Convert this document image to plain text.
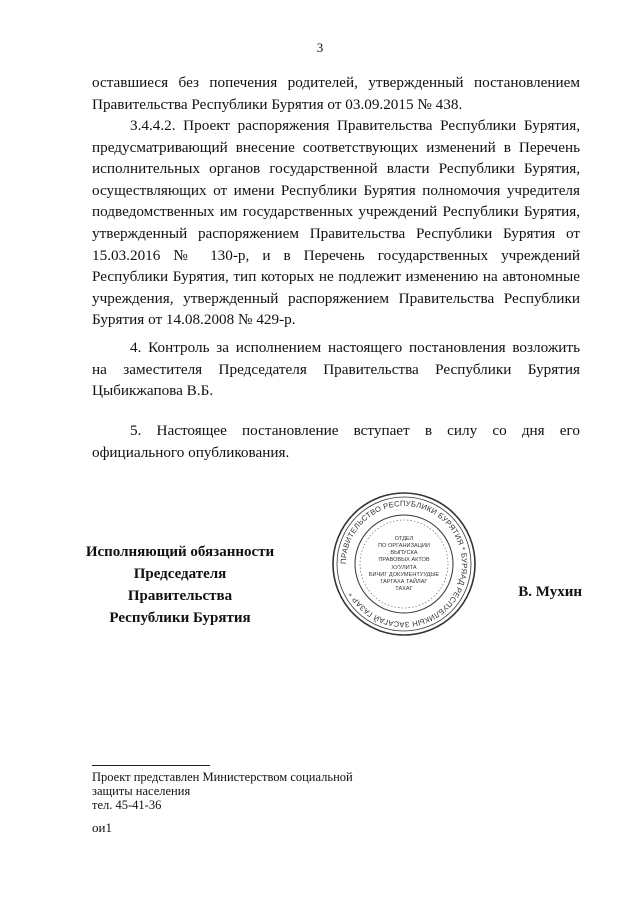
3

оставшиеся без попечения родителей, утвержденный постановлением Правительства Республики Бурятия от 03.09.2015 № 438.

3.4.4.2. Проект распоряжения Правительства Республики Бурятия, предусматривающий внесение соответствующих изменений в Перечень исполнительных органов государственной власти Республики Бурятия, осуществляющих от имени Республики Бурятия полномочия учредителя подведомственных им государственных учреждений Республики Бурятия, утвержденный распоряжением Правительства Республики Бурятия от 15.03.2016 № 130-р, и в Перечень государственных учреждений Республики Бурятия, тип которых не подлежит изменению на автономные учреждения, утвержденный распоряжением Правительства Республики Бурятия от 14.08.2008 № 429-р.

4. Контроль за исполнением настоящего постановления возложить на заместителя Председателя Правительства Республики Бурятия Цыбикжапова В.Б.

5. Настоящее постановление вступает в силу со дня его официального опубликования.

Исполняющий обязанности
Председателя Правительства
Республики Бурятия
ПРАВИТЕЛЬСТВО РЕСПУБЛИКИ БУРЯТИЯ * БУРЯАД РЕСПУБЛИКЫН ЗАСАГАЙ ГАЗАР *
ОТДЕЛ
ПО ОРГАНИЗАЦИИ
ВЫПУСКА
ПРАВОВЫХ АКТОВ
ХУУЛИТА
БИЧИГ ДОКУМЕНТУУДЫЕ
ГАРГАХА ТАЙЛАГ
ТАХАГ	В. Мухин
Проект представлен Министерством социальной
защиты населения
тел. 45-41-36
ои1
